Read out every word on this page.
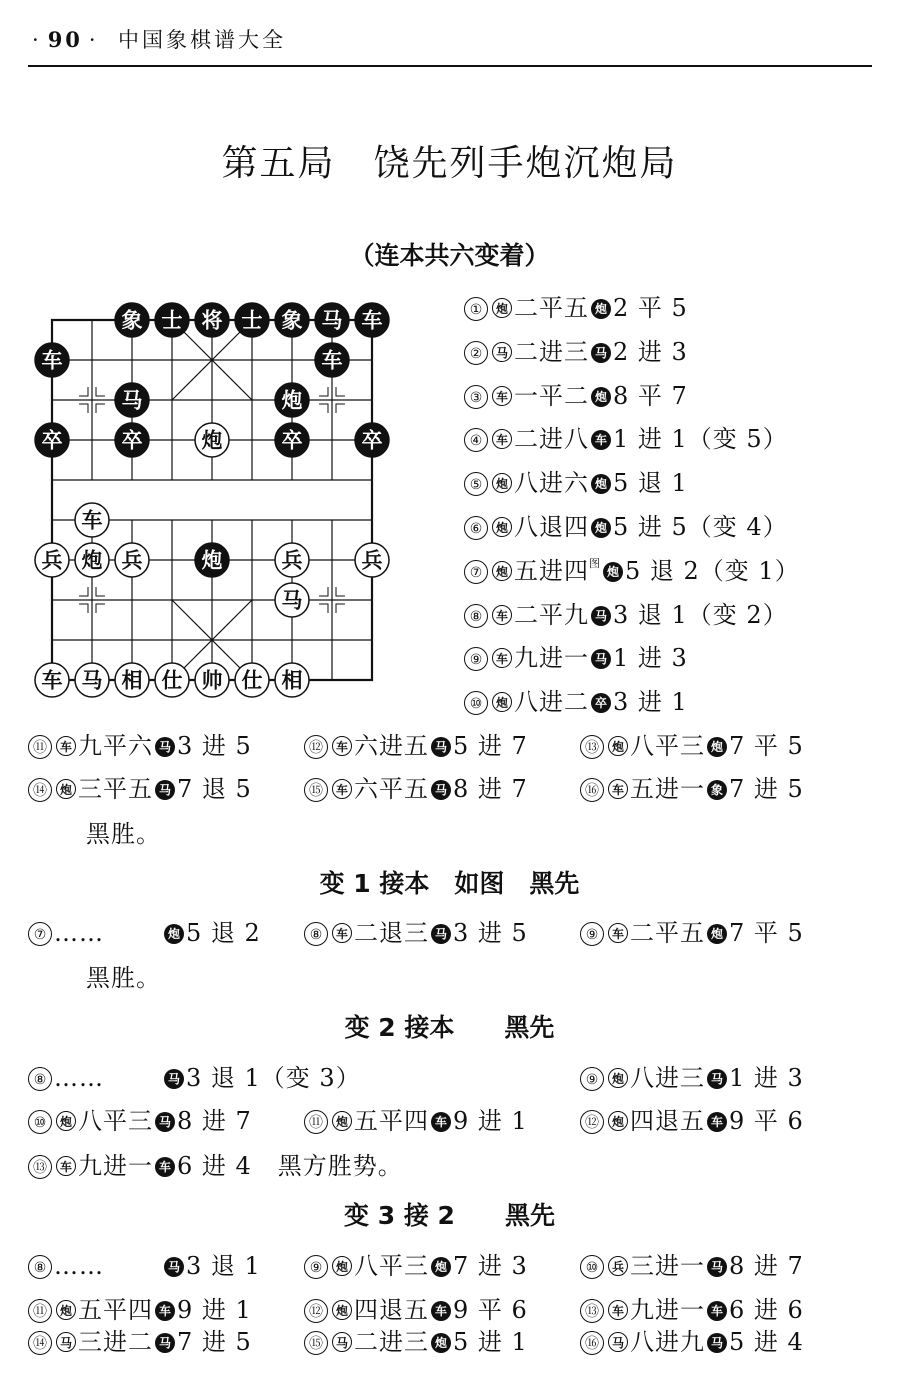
· 90 · 中国象棋谱大全
第五局　饶先列手炮沉炮局
（连本共六变着）
象 士 将 士 象 马 车
车
马	炮
卒	卒	卒	卒
车
炮
炮
车
炮
兵	兵	兵	兵
马
车 马 相 仕 帅 仕 相
① 炮 二平五 炮 2 平 5
② 马 二进三 马 2 进 3
③ 车 一平二 炮 8 平 7
④ 车 二进八 车 1 进 1（变 5）
⑤ 炮 八进六 炮 5 退 1
⑥ 炮 八退四 炮 5 进 5（变 4）
⑦ 炮 五进四$^图$炮 5 退 2（变 1）
⑧ 车 二平九 马 3 退 1（变 2）
⑨ 车 九进一 马 1 进 3
⑩ 炮 八进二 卒 3 进 1
⑪ 车 九平六 马 3 进 5	⑫ 车 六进五 马 5 进 7	⑬ 炮 八平三 炮 7 平 5
⑭ 炮 三平五 马 7 退 5	⑮ 车 六平五 马 8 进 7	⑯ 车 五进一 象 7 进 5
黑胜。
变 1 接本　如图　黑先
⑦ ……	炮 5 退 2	⑧ 车 二退三 马 3 进 5	⑨ 车 二平五 炮 7 平 5
黑胜。
变 2 接本　　黑先
⑧ ……	马 3 退 1（变 3）	⑨ 炮 八进三 马 1 进 3
⑩ 炮 八平三 马 8 进 7	⑪ 炮 五平四 车 9 进 1	⑫ 炮 四退五 车 9 平 6
⑬ 车 九进一 车 6 进 4 黑方胜势。
变 3 接 2　　黑先
⑧ ……	马 3 退 1	⑨ 炮 八平三 炮 7 进 3	⑩ 兵 三进一 马 8 进 7
⑪ 炮 五平四 车 9 进 1	⑫ 炮 四退五 车 9 平 6	⑬ 车 九进一 车 6 进 6
⑭ 马 三进二 马 7 进 5	⑮ 马 二进三 炮 5 进 1	⑯ 马 八进九 马 5 进 4
